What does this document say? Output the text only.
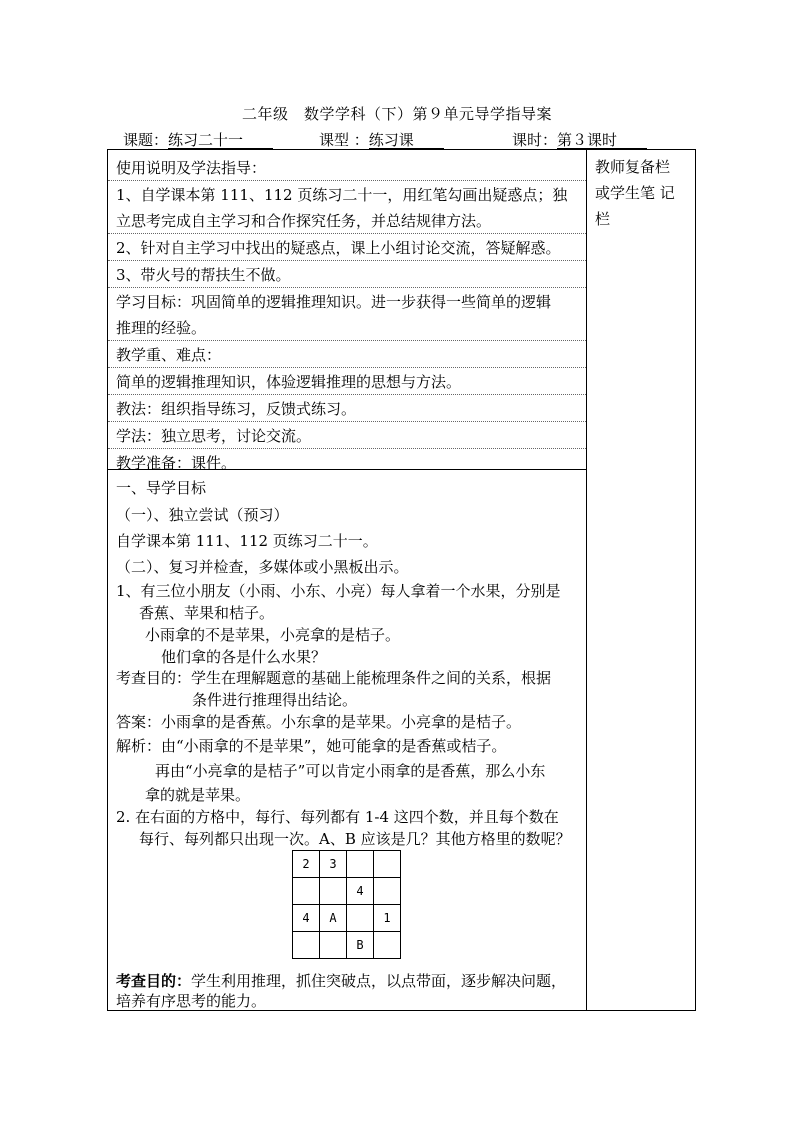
二年级　数学学科（下）第９单元导学指导案
课题：练习二十一	课型 ：练习课	课时：第３课时
教师复备栏
或学生笔 记
栏
使用说明及学法指导：
1、自学课本第 111、112 页练习二十一，用红笔勾画出疑惑点；独
立思考完成自主学习和合作探究任务，并总结规律方法。
2、针对自主学习中找出的疑惑点，课上小组讨论交流，答疑解惑。
3、带火号的帮扶生不做。
学习目标：巩固简单的逻辑推理知识。进一步获得一些简单的逻辑
推理的经验。
教学重、难点：
简单的逻辑推理知识，体验逻辑推理的思想与方法。
教法：组织指导练习，反馈式练习。
学法：独立思考，讨论交流。
教学准备：课件。
一、导学目标
（一）、独立尝试（预习）
自学课本第 111、112 页练习二十一。
（二）、复习并检查，多媒体或小黑板出示。
1、有三位小朋友（小雨、小东、小亮）每人拿着一个水果，分别是
香蕉、苹果和桔子。
小雨拿的不是苹果，小亮拿的是桔子。
他们拿的各是什么水果？
考查目的：学生在理解题意的基础上能梳理条件之间的关系，根据
条件进行推理得出结论。
答案：小雨拿的是香蕉。小东拿的是苹果。小亮拿的是桔子。
解析：由“小雨拿的不是苹果”，她可能拿的是香蕉或桔子。
再由“小亮拿的是桔子”可以肯定小雨拿的是香蕉，那么小东
拿的就是苹果。
2. 在右面的方格中，每行、每列都有 1-4 这四个数，并且每个数在
每行、每列都只出现一次。A、B 应该是几？其他方格里的数呢？
2	3		
		4	
4	A		1
		B	
考查目的：学生利用推理，抓住突破点，以点带面，逐步解决问题，
培养有序思考的能力。
